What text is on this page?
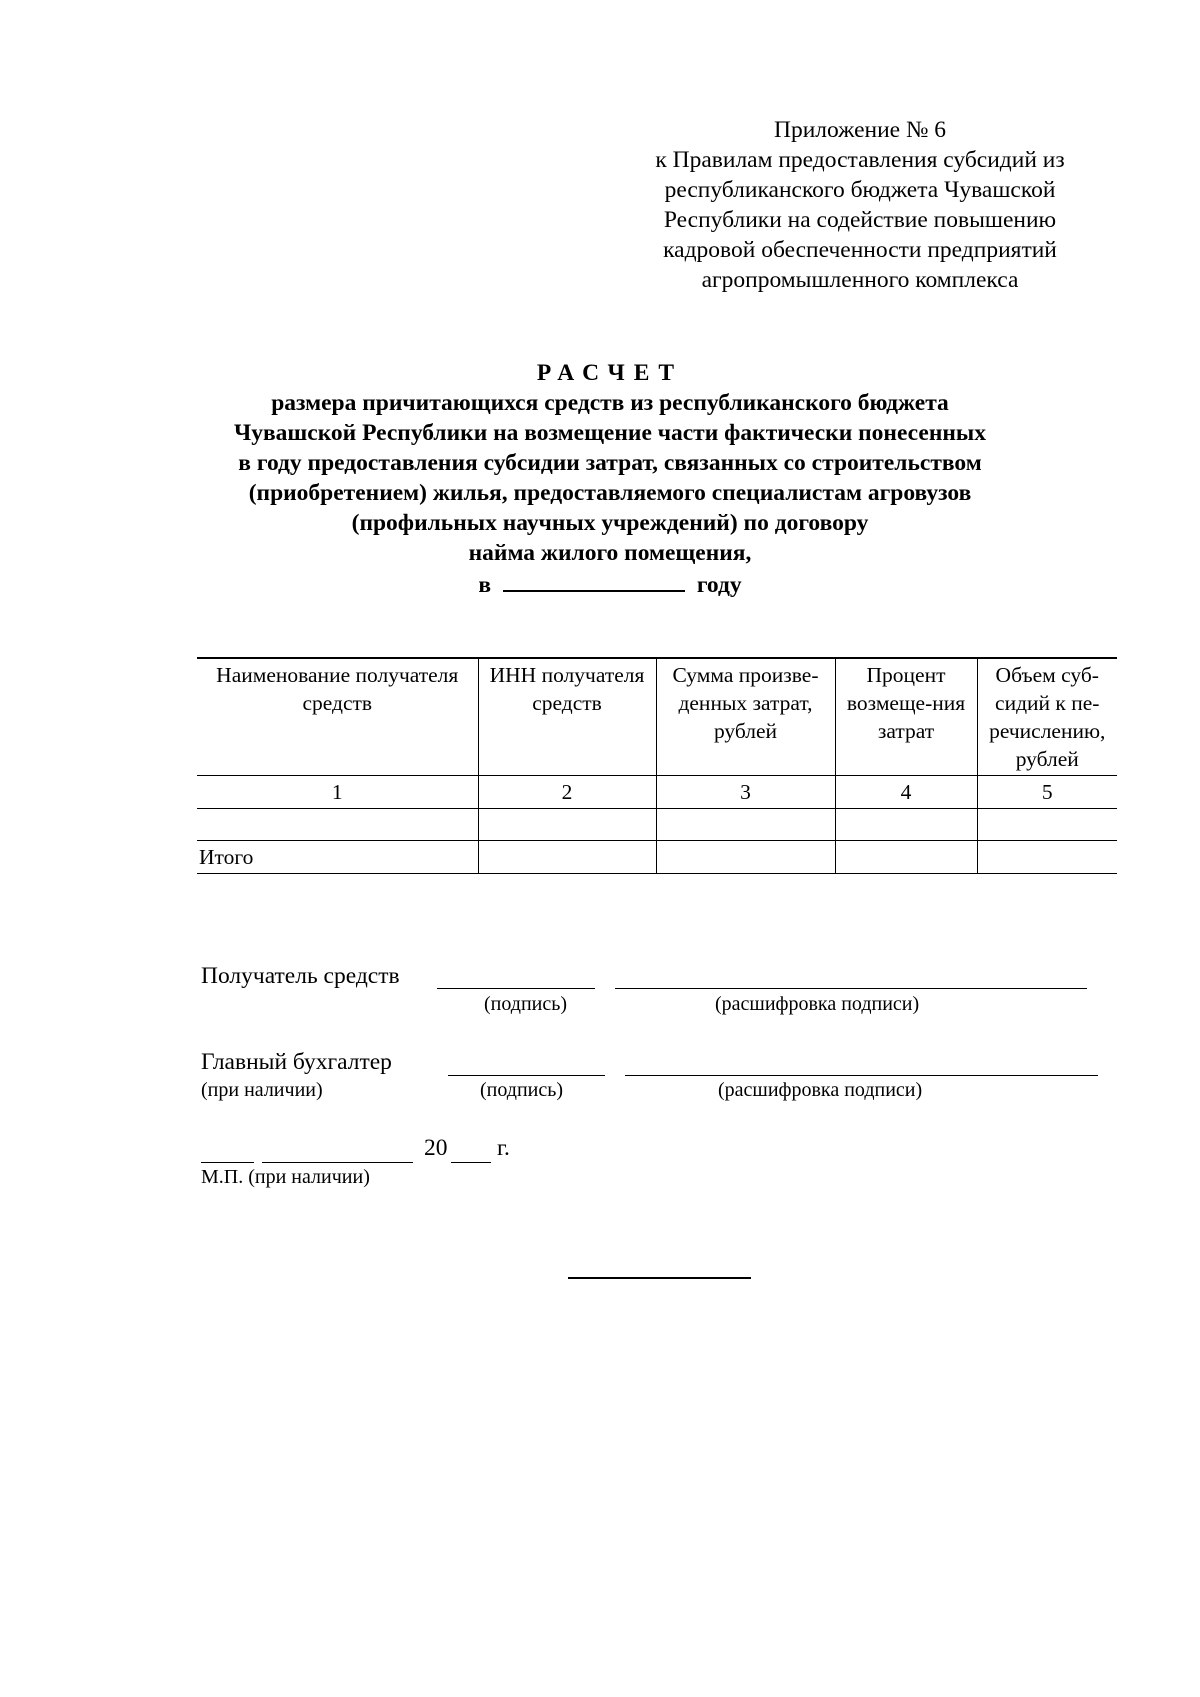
Приложение № 6
к Правилам предоставления субсидий из
республиканского бюджета Чувашской
Республики на содействие повышению
кадровой обеспеченности предприятий
агропромышленного комплекса
РАСЧЕТ
размера причитающихся средств из республиканского бюджета
Чувашской Республики на возмещение части фактически понесенных
в году предоставления субсидии затрат, связанных со строительством
(приобретением) жилья, предоставляемого специалистам агровузов
(профильных научных учреждений) по договору
найма жилого помещения,
в	году
Наименование получателя средств	ИНН получателя средств	Сумма произве-денных затрат, рублей	Процент возмеще-ния затрат	Объем суб-сидий к пе-речислению, рублей
1	2	3	4	5

Итого				
Получатель средств
(подпись)	(расшифровка подписи)
Главный бухгалтер
(при наличии)	(подпись)	(расшифровка подписи)
20 г.
М.П. (при наличии)
